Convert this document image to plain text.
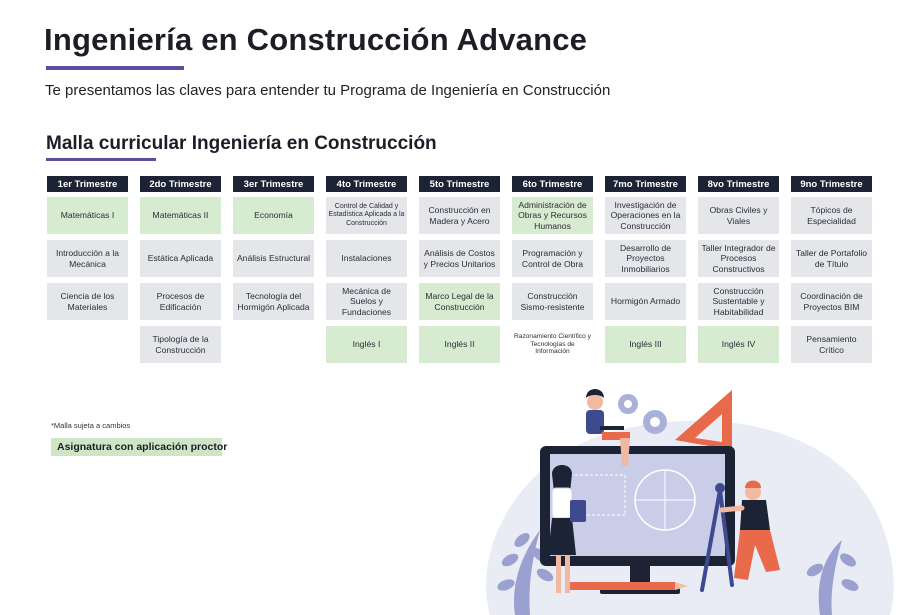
Ingeniería en Construcción Advance
Te presentamos las claves para entender tu Programa de Ingeniería en Construcción
Malla curricular Ingeniería en Construcción
1er Trimestre
Matemáticas I
Introducción a la Mecánica
Ciencia de los Materiales
2do Trimestre
Matemáticas II
Estática Aplicada
Procesos de Edificación
Tipología de la Construcción
3er Trimestre
Economía
Análisis Estructural
Tecnología del Hormigón Aplicada
4to Trimestre
Control de Calidad y Estadística Aplicada a la Construcción
Instalaciones
Mecánica de Suelos y Fundaciones
Inglés I
5to Trimestre
Construcción en Madera y Acero
Análisis de Costos y Precios Unitarios
Marco Legal de la Construcción
Inglés II
6to Trimestre
Administración de Obras y Recursos Humanos
Programación y Control de Obra
Construcción Sismo-resistente
Razonamiento Científico y Tecnologías de Información
7mo Trimestre
Investigación de Operaciones en la Construcción
Desarrollo de Proyectos Inmobiliarios
Hormigón Armado
Inglés III
8vo Trimestre
Obras Civiles y Viales
Taller Integrador de Procesos Constructivos
Construcción Sustentable y Habitabilidad
Inglés IV
9no Trimestre
Tópicos de Especialidad
Taller de Portafolio de Título
Coordinación de Proyectos BIM
Pensamiento Crítico
*Malla sujeta a cambios
Asignatura con aplicación proctor
